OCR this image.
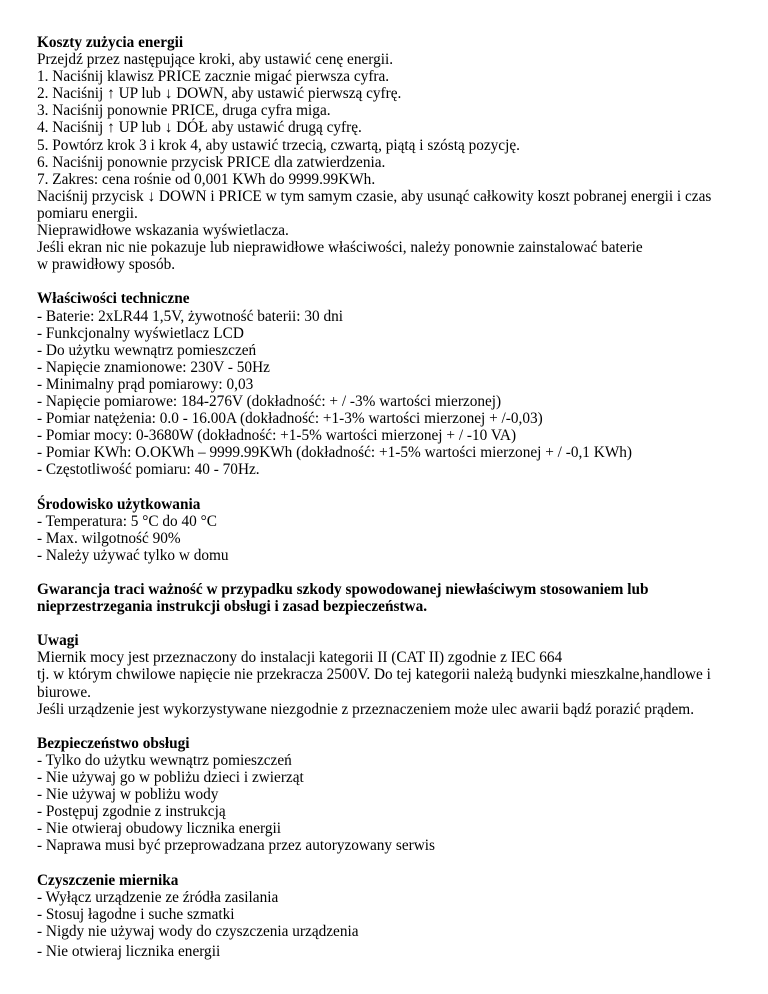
Koszty zużycia energii
Przejdź przez następujące kroki, aby ustawić cenę energii.
1. Naciśnij klawisz PRICE zacznie migać pierwsza cyfra.
2. Naciśnij ↑ UP lub ↓ DOWN, aby ustawić pierwszą cyfrę.
3. Naciśnij ponownie PRICE, druga cyfra miga.
4. Naciśnij ↑ UP lub ↓ DÓŁ aby ustawić drugą cyfrę.
5. Powtórz krok 3 i krok 4, aby ustawić trzecią, czwartą, piątą i szóstą pozycję.
6. Naciśnij ponownie przycisk PRICE dla zatwierdzenia.
7. Zakres: cena rośnie od 0,001 KWh do 9999.99KWh.
Naciśnij przycisk ↓ DOWN i PRICE w tym samym czasie, aby usunąć całkowity koszt pobranej energii i czas
pomiaru energii.
Nieprawidłowe wskazania wyświetlacza.
Jeśli ekran nic nie pokazuje lub nieprawidłowe właściwości, należy ponownie zainstalować baterie
w prawidłowy sposób.
Właściwości techniczne
- Baterie: 2xLR44 1,5V, żywotność baterii: 30 dni
- Funkcjonalny wyświetlacz LCD
- Do użytku wewnątrz pomieszczeń
- Napięcie znamionowe: 230V - 50Hz
- Minimalny prąd pomiarowy: 0,03
- Napięcie pomiarowe: 184-276V (dokładność: + / -3% wartości mierzonej)
- Pomiar natężenia: 0.0 - 16.00A (dokładność: +1-3% wartości mierzonej + /-0,03)
- Pomiar mocy: 0-3680W (dokładność: +1-5% wartości mierzonej + / -10 VA)
- Pomiar KWh: O.OKWh – 9999.99KWh (dokładność: +1-5% wartości mierzonej + / -0,1 KWh)
- Częstotliwość pomiaru: 40 - 70Hz.
Środowisko użytkowania
- Temperatura: 5 °C do 40 °C
- Max. wilgotność 90%
- Należy używać tylko w domu
Gwarancja traci ważność w przypadku szkody spowodowanej niewłaściwym stosowaniem lub
nieprzestrzegania instrukcji obsługi i zasad bezpieczeństwa.
Uwagi
Miernik mocy jest przeznaczony do instalacji kategorii II (CAT II) zgodnie z IEC 664
tj. w którym chwilowe napięcie nie przekracza 2500V. Do tej kategorii należą budynki mieszkalne,handlowe i
biurowe.
Jeśli urządzenie jest wykorzystywane niezgodnie z przeznaczeniem może ulec awarii bądź porazić prądem.
Bezpieczeństwo obsługi
- Tylko do użytku wewnątrz pomieszczeń
- Nie używaj go w pobliżu dzieci i zwierząt
- Nie używaj w pobliżu wody
- Postępuj zgodnie z instrukcją
- Nie otwieraj obudowy licznika energii
- Naprawa musi być przeprowadzana przez autoryzowany serwis
Czyszczenie miernika
- Wyłącz urządzenie ze źródła zasilania
- Stosuj łagodne i suche szmatki
- Nigdy nie używaj wody do czyszczenia urządzenia
- Nie otwieraj licznika energii
